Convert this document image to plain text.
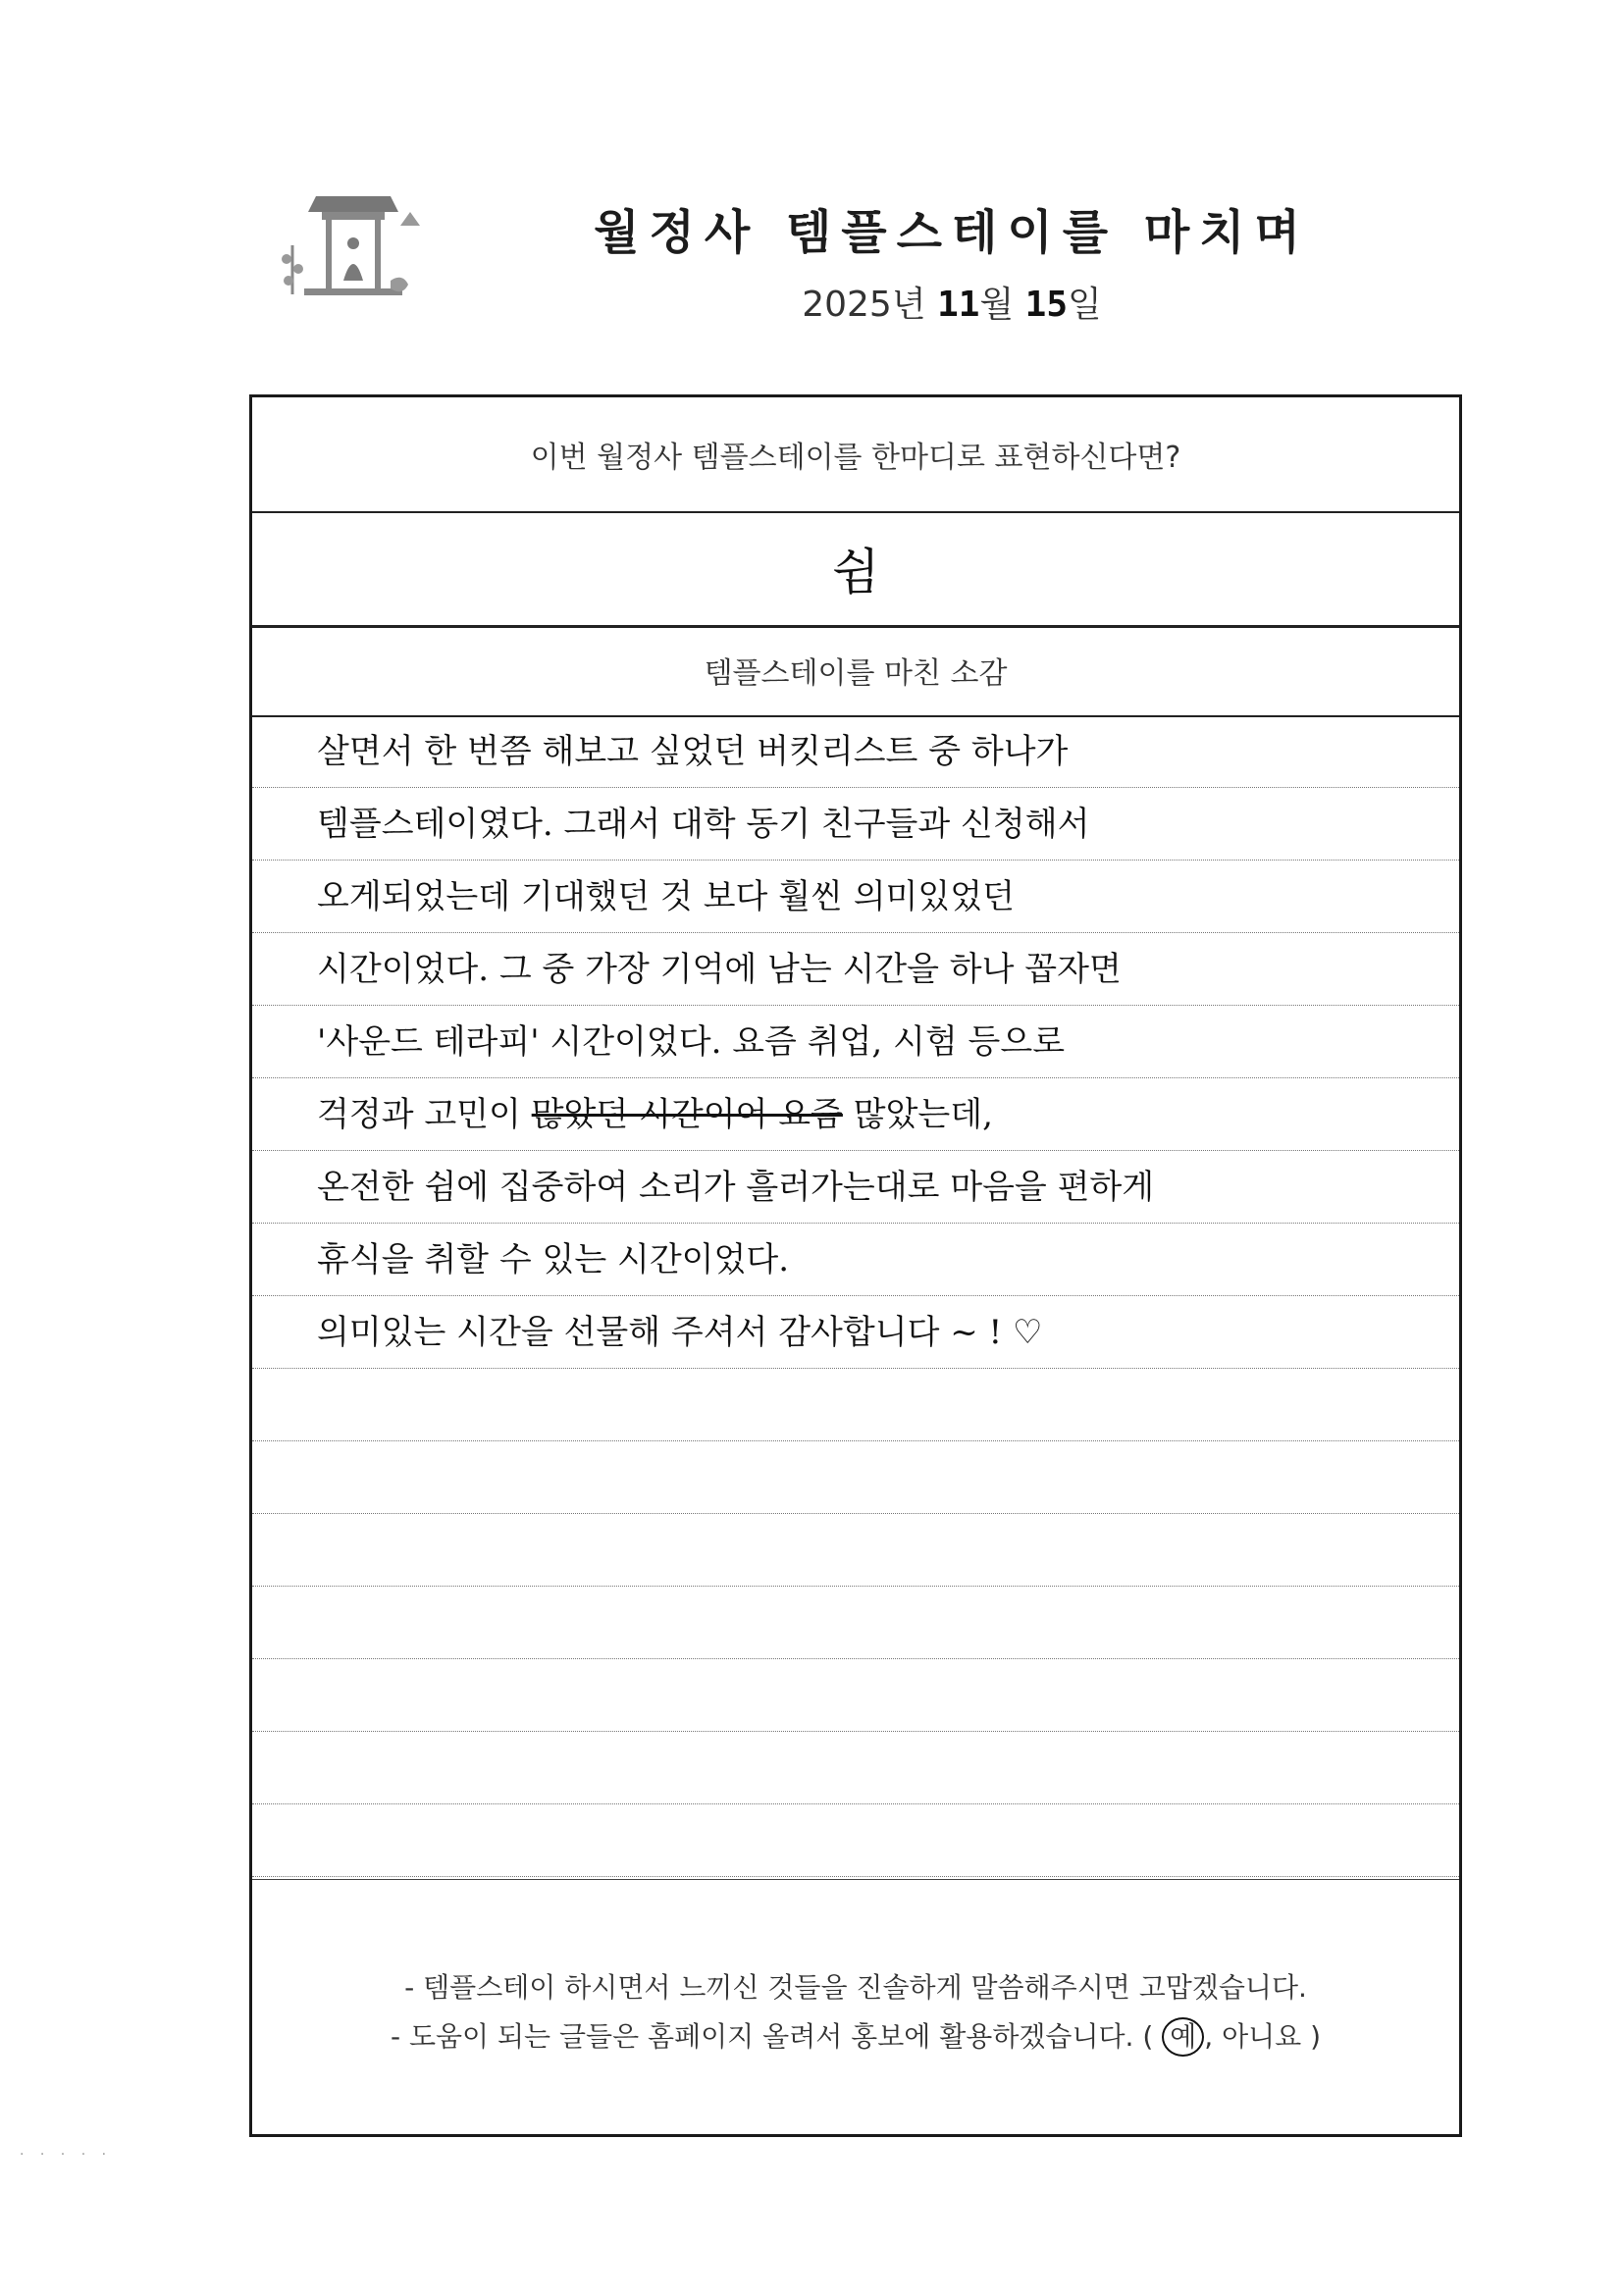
월정사 템플스테이를 마치며
2025년 11월 15일
이번 월정사 템플스테이를 한마디로 표현하신다면?
쉼
템플스테이를 마친 소감
살면서 한 번쯤 해보고 싶었던 버킷리스트 중 하나가
템플스테이였다. 그래서 대학 동기 친구들과 신청해서
오게되었는데 기대했던 것 보다 훨씬 의미있었던
시간이었다. 그 중 가장 기억에 남는 시간을 하나 꼽자면
'사운드 테라피' 시간이었다. 요즘 취업, 시험 등으로
걱정과 고민이 많았던 시간이어 요즘 많았는데,
온전한 쉼에 집중하여 소리가 흘러가는대로 마음을 편하게
휴식을 취할 수 있는 시간이었다.
의미있는 시간을 선물해 주셔서 감사합니다 ~ ! ♡
- 템플스테이 하시면서 느끼신 것들을 진솔하게 말씀해주시면 고맙겠습니다.
- 도움이 되는 글들은 홈페이지 올려서 홍보에 활용하겠습니다. ( 예 , 아니요 )
· · · · ·
